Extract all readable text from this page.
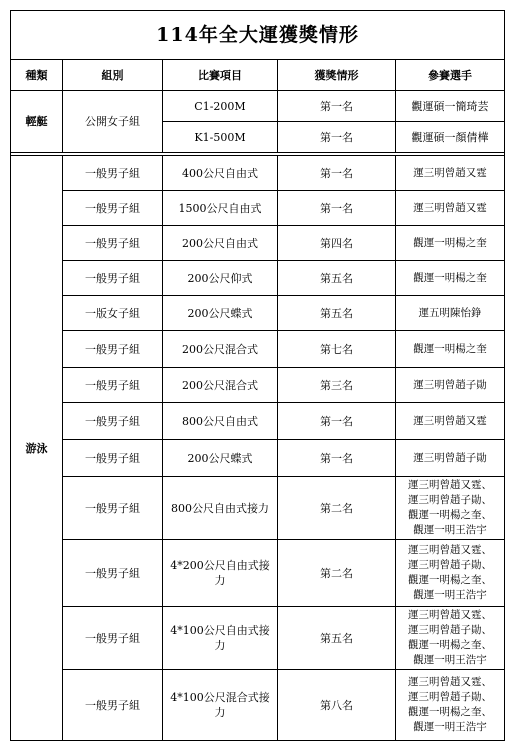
114年全大運獲獎情形				
種類	組別	比賽項目	獲獎情形	參賽選手
輕艇	公開女子組	C1-200M	第一名	觀運碩一簡琦芸
		K1-500M	第一名	觀運碩一顏倩樺

游泳	一般男子組	400公尺自由式	第一名	運三明曾趙又霆

	一般男子組	1500公尺自由式	第一名	運三明曾趙又霆

	一般男子組	200公尺自由式	第四名	觀運一明楊之奎

	一般男子組	200公尺仰式	第五名	觀運一明楊之奎

	一版女子組	200公尺蝶式	第五名	運五明陳怡錚

	一般男子組	200公尺混合式	第七名	觀運一明楊之奎

	一般男子組	200公尺混合式	第三名	運三明曾趙子勛

	一般男子組	800公尺自由式	第一名	運三明曾趙又霆

	一般男子組	200公尺蝶式	第一名	運三明曾趙子勛

	一般男子組	800公尺自由式接力	第二名	運三明曾趙又霆、
運三明曾趙子勛、
觀運一明楊之奎、
觀運一明王浩宇

	一般男子組	4*200公尺自由式接力	第二名	運三明曾趙又霆、
運三明曾趙子勛、
觀運一明楊之奎、
觀運一明王浩宇

	一般男子組	4*100公尺自由式接力	第五名	運三明曾趙又霆、
運三明曾趙子勛、
觀運一明楊之奎、
觀運一明王浩宇

	一般男子組	4*100公尺混合式接力	第八名	運三明曾趙又霆、
運三明曾趙子勛、
觀運一明楊之奎、
觀運一明王浩宇
